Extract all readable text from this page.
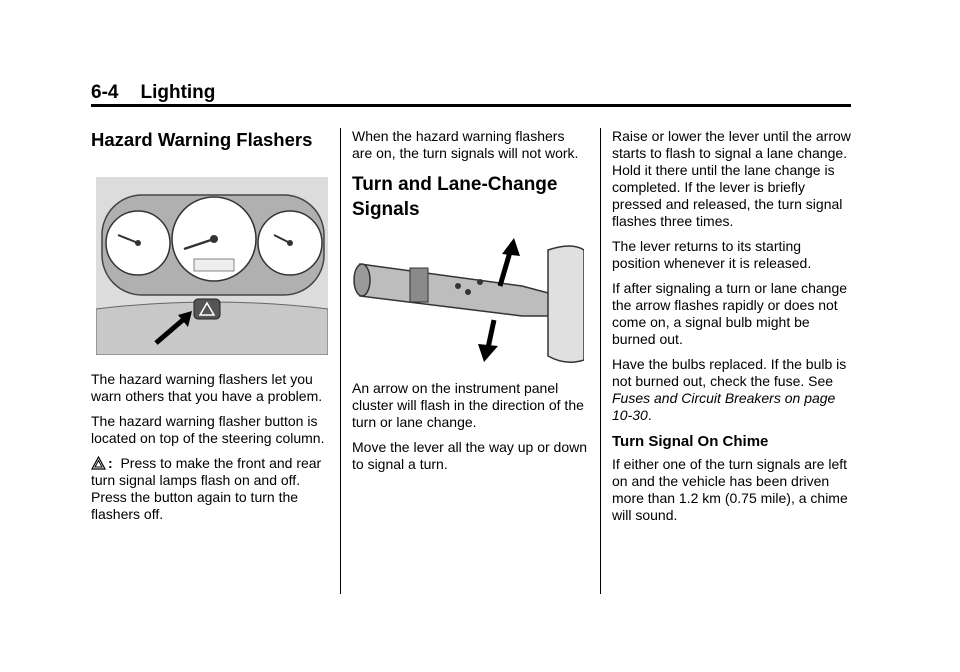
6-4 Lighting
Hazard Warning Flashers

The hazard warning flashers let you warn others that you have a problem.

The hazard warning flasher button is located on top of the steering column.

: Press to make the front and rear turn signal lamps flash on and off. Press the button again to turn the flashers off.

When the hazard warning flashers are on, the turn signals will not work.

Turn and Lane-Change
Signals

An arrow on the instrument panel cluster will flash in the direction of the turn or lane change.

Move the lever all the way up or down to signal a turn.

Raise or lower the lever until the arrow starts to flash to signal a lane change. Hold it there until the lane change is completed. If the lever is briefly pressed and released, the turn signal flashes three times.

The lever returns to its starting position whenever it is released.

If after signaling a turn or lane change the arrow flashes rapidly or does not come on, a signal bulb might be burned out.

Have the bulbs replaced. If the bulb is not burned out, check the fuse. See Fuses and Circuit Breakers on page 10-30.

Turn Signal On Chime

If either one of the turn signals are left on and the vehicle has been driven more than 1.2 km (0.75 mile), a chime will sound.
